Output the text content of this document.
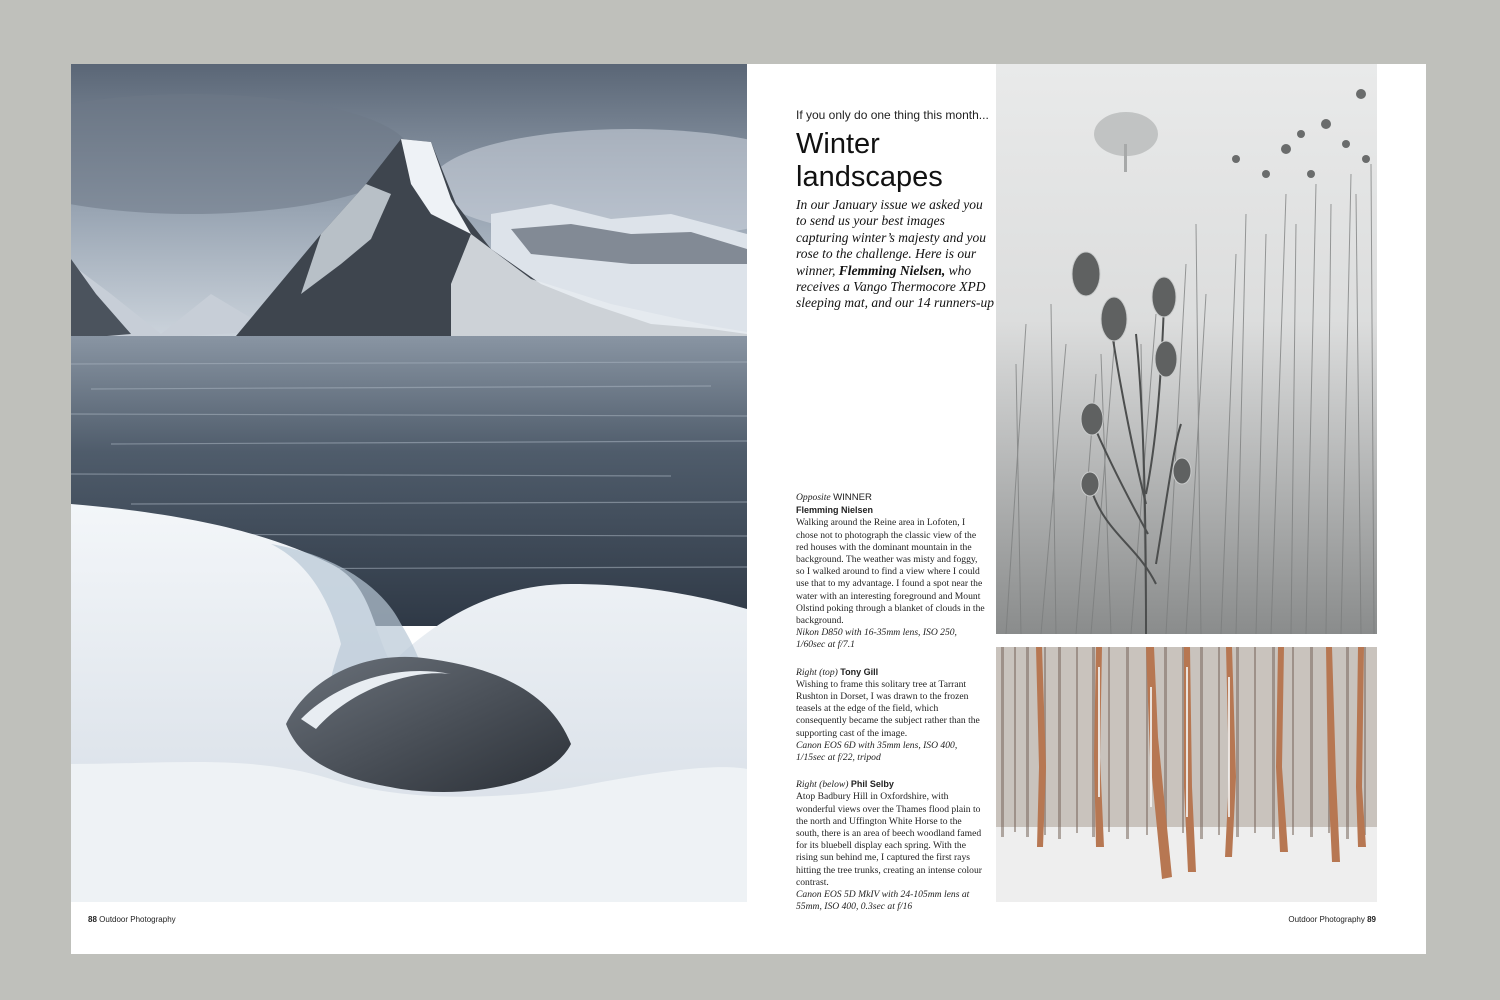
If you only do one thing this month...
Winter landscapes

In our January issue we asked you to send us your best images capturing winter’s majesty and you rose to the challenge. Here is our winner, Flemming Nielsen, who receives a Vango Thermocore XPD sleeping mat, and our 14 runners-up

Opposite WINNER
Flemming Nielsen
Walking around the Reine area in Lofoten, I chose not to photograph the classic view of the red houses with the dominant mountain in the background. The weather was misty and foggy, so I walked around to find a view where I could use that to my advantage. I found a spot near the water with an interesting foreground and Mount Olstind poking through a blanket of clouds in the background.
Nikon D850 with 16-35mm lens, ISO 250, 1/60sec at f/7.1

Right (top) Tony Gill
Wishing to frame this solitary tree at Tarrant Rushton in Dorset, I was drawn to the frozen teasels at the edge of the field, which consequently became the subject rather than the supporting cast of the image.
Canon EOS 6D with 35mm lens, ISO 400, 1/15sec at f/22, tripod

Right (below) Phil Selby
Atop Badbury Hill in Oxfordshire, with wonderful views over the Thames flood plain to the north and Uffington White Horse to the south, there is an area of beech woodland famed for its bluebell display each spring. With the rising sun behind me, I captured the first rays hitting the tree trunks, creating an intense colour contrast.
Canon EOS 5D MkIV with 24-105mm lens at 55mm, ISO 400, 0.3sec at f/16

88 Outdoor Photography	Outdoor Photography 89
